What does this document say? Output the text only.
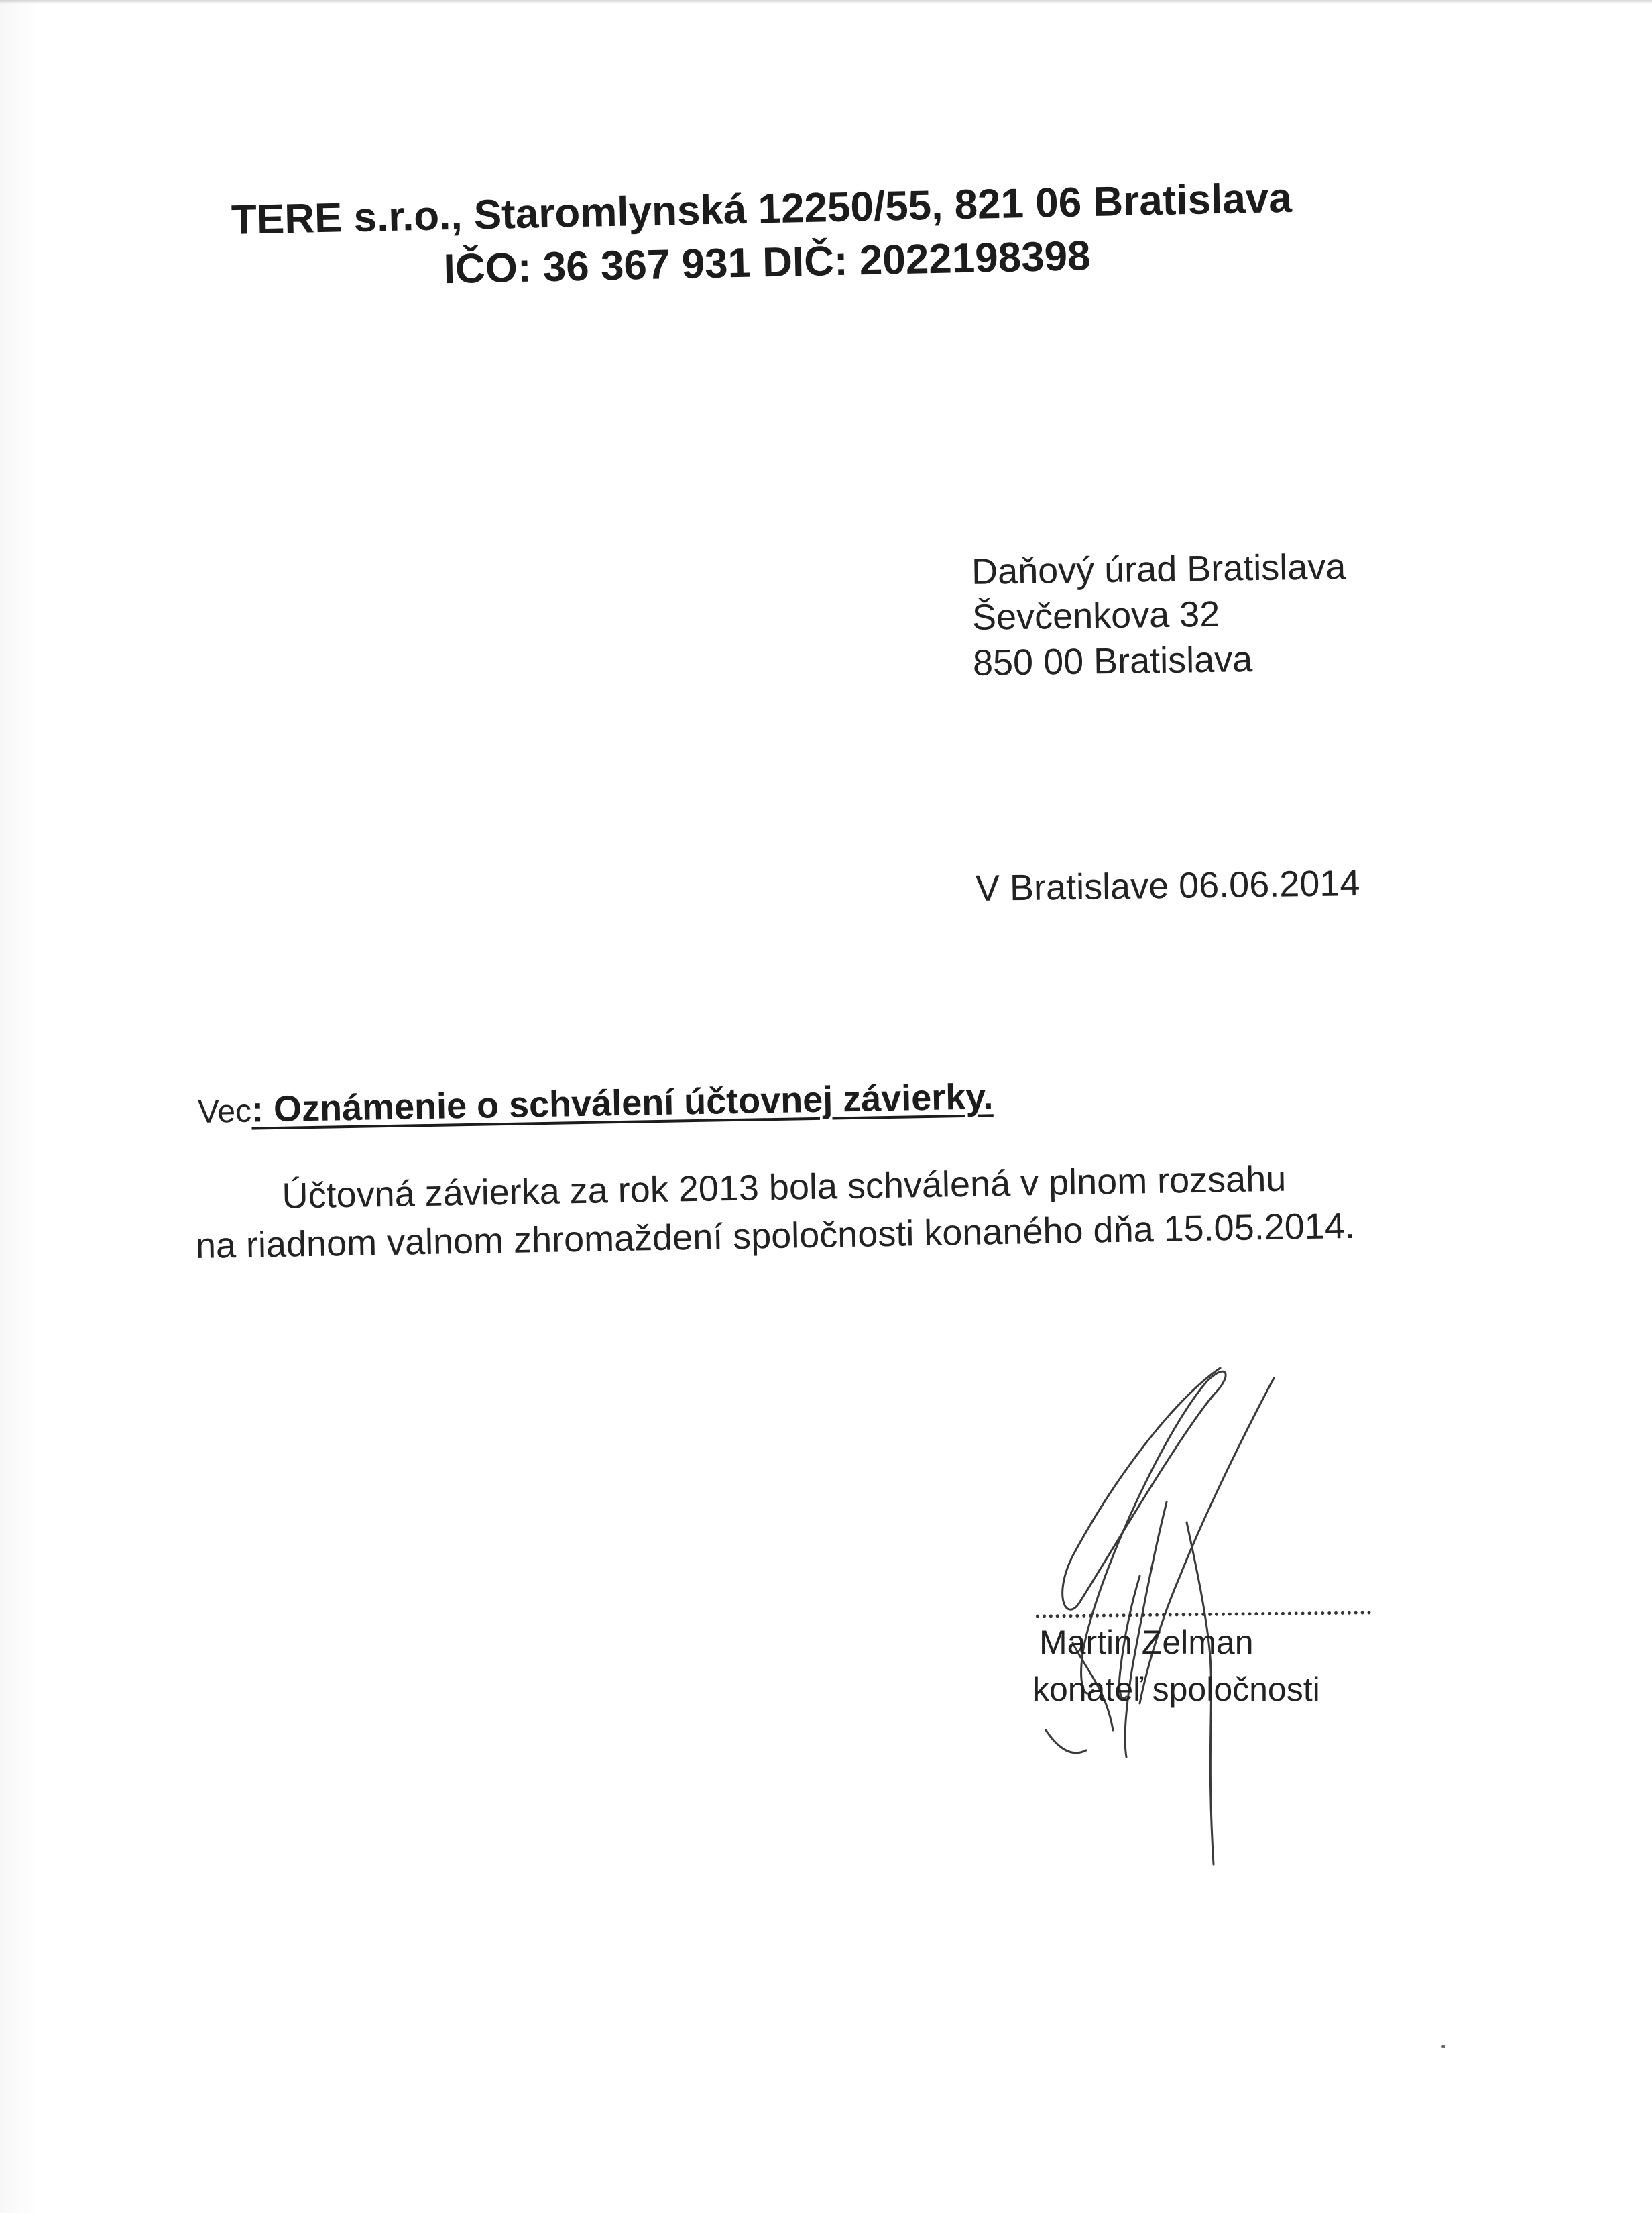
TERE s.r.o., Staromlynská 12250/55, 821 06 Bratislava
IČO: 36 367 931 DIČ: 2022198398
Daňový úrad Bratislava
Ševčenkova 32
850 00 Bratislava
V Bratislave 06.06.2014
Vec: Oznámenie o schválení účtovnej závierky.
Účtovná závierka za rok 2013 bola schválená v plnom rozsahu
na riadnom valnom zhromaždení spoločnosti konaného dňa 15.05.2014.
Martin Zelman
konateľ spoločnosti
